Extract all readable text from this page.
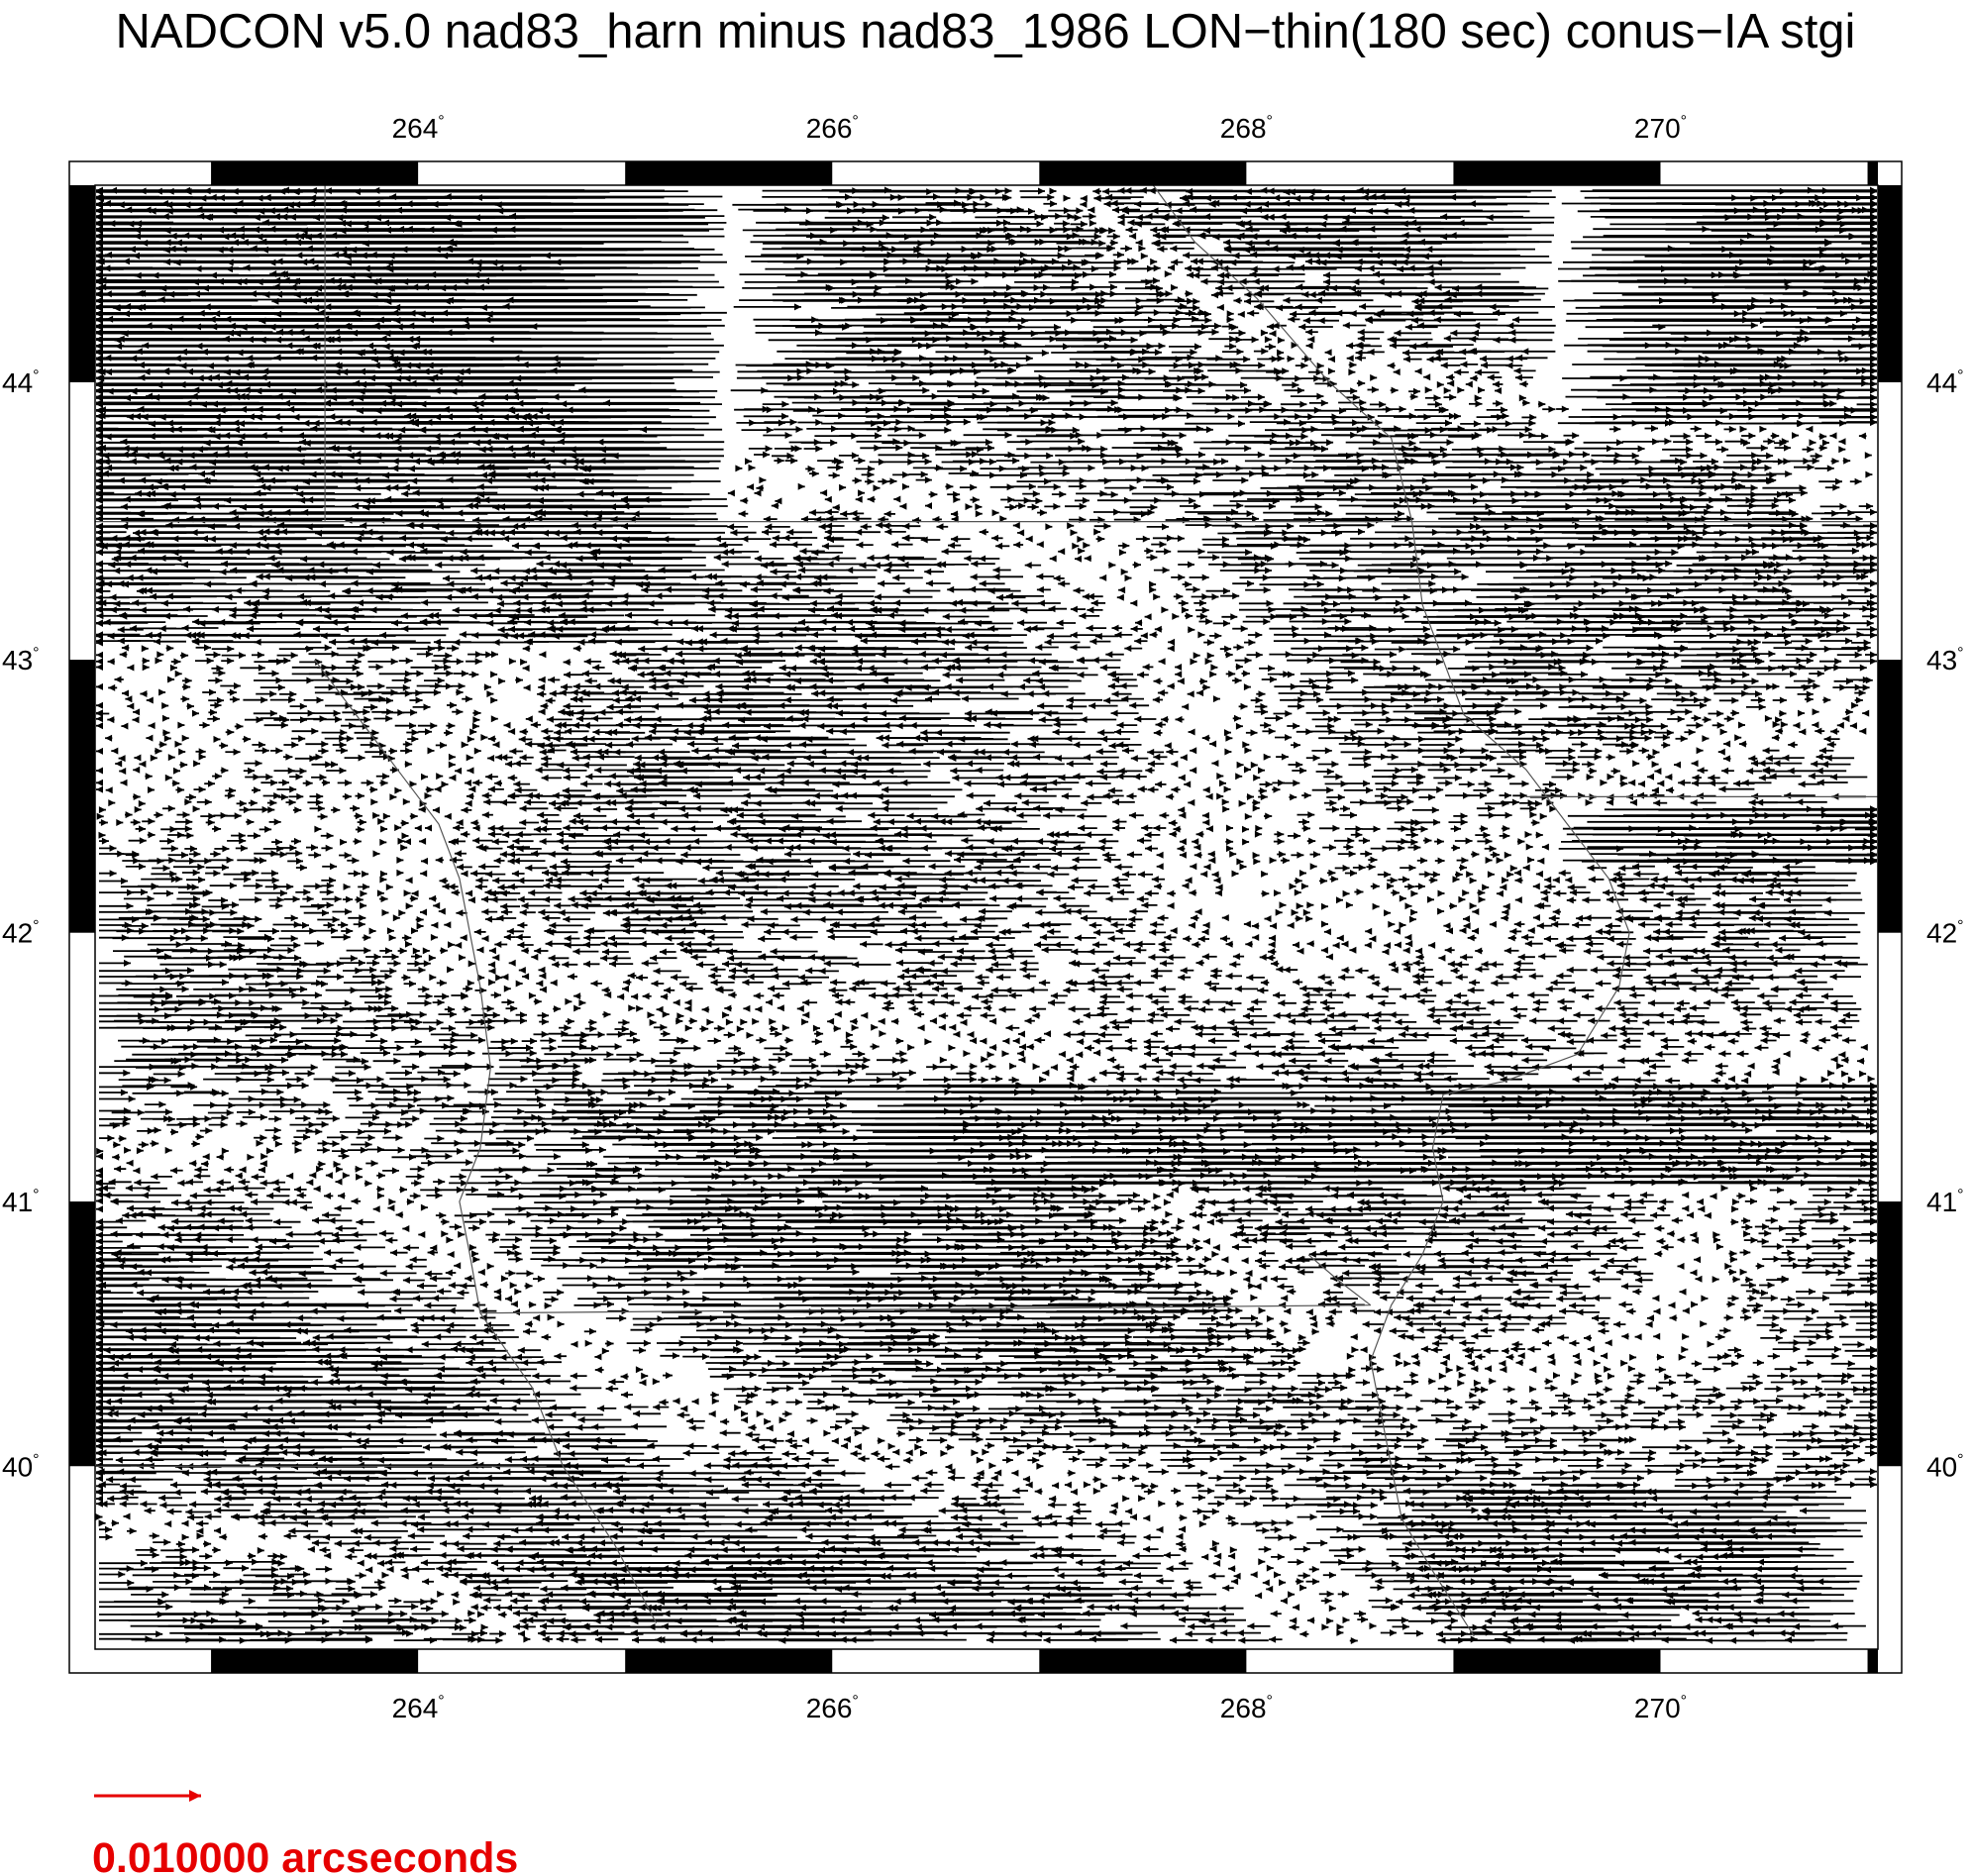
NADCON v5.0 nad83_harn minus nad83_1986 LON−thin(180 sec) conus−IA stgi
264°	266°	268°	270°
264°	266°	268°	270°
44°
43°
42°
41°
40°
44°
43°
42°
41°
40°
0.010000 arcseconds
